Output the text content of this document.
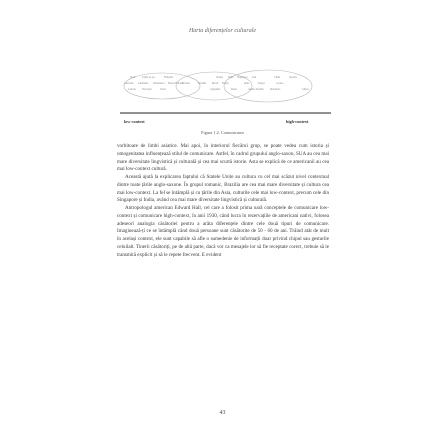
Harta diferențelor culturale
SUA	Țările de jos	Finlanda
Australia Germania Danemarca Marea Britanie
Canada Norvegia	Israel
Spania Italia Singapore Iran	China	Japonia
Polonia	Brazilia Mexic Franța	India	Kenya	Coreea
Argentina	Rusia	Arabia Saudită	Indonezia	Ghana
low-context	high-context
Figura 1.2. Comunicarea

vorbitoare de limbi asiatice. Mai apoi, în interiorul fiecărui grup, se poate vedea cum istoria și omogenitatea influențează stilul de comunicare. Astfel, în cadrul grupului anglo-saxon, SUA au cea mai mare diversitate lingvistică și culturală și cea mai scurtă istorie. Asta se explică de ce americanii au cea mai low-context cultură.

Această ajută la explicarea faptului că Statele Unite au cultura cu cel mai scăzut nivel contextual dintre toate țările anglo-saxone. În grupul romanic, Brazilia are cea mai mare diversitate și cultura cea mai low-context. La fel se întâmplă și cu țările din Asia, culturile cele mai low-context, precum cele din Singapore și India, având cea mai mare diversitate lingvistică și culturală.

Antropologul american Edward Hall, cel care a folosit prima oară conceptele de comunicare low-context și comunicare high-context, în anii 1930, când lucra în rezervațiile de americani nativi, folosea adeseori analogia căsătoriei pentru a arăta diferențele dintre cele două tipuri de comunicare. Imaginează-ți ce se întâmplă când două persoane sunt căsătorite de 50 - 60 de ani. Trăind atât de mult în același context, ele sunt capabile să afle o sumedenie de informații doar privind chipul sau gesturile celuilalt. Tinerii căsătoriți, pe de altă parte, dacă vor ca mesajele lor să fie receptate corect, trebuie să le transmită explicit și să le repete frecvent. E evident

43
